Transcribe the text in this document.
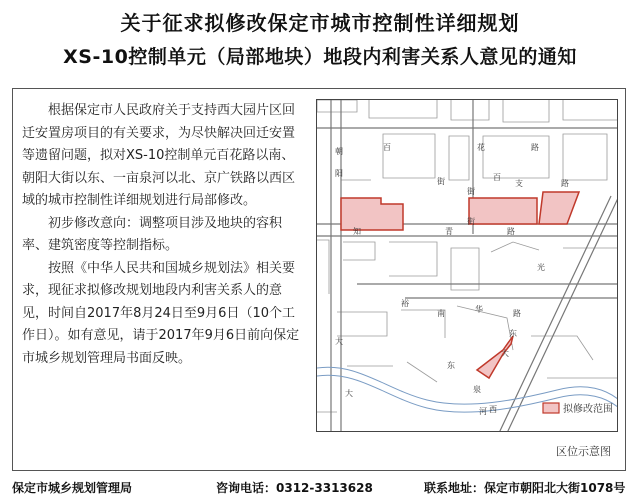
关于征求拟修改保定市城市控制性详细规划
XS-10控制单元（局部地块）地段内利害关系人意见的通知

根据保定市人民政府关于支持西大园片区回迁安置房项目的有关要求，为尽快解决回迁安置等遗留问题，拟对XS-10控制单元百花路以南、朝阳大街以东、一亩泉河以北、京广铁路以西区域的城市控制性详细规划进行局部修改。

初步修改意向：调整项目涉及地块的容积率、建筑密度等控制指标。

按照《中华人民共和国城乡规划法》相关要求，现征求拟修改规划地段内利害关系人的意见，时间自2017年8月24日至9月6日（10个工作日）。如有意见，请于2017年9月6日前向保定市城乡规划管理局书面反映。

百	花	路
朝
阳
大
街	百
支	路
知	青	路
光
裕
华	路
东
大
泉
西
街
东
南
大
街
河	拟修改范围
区位示意图
保定市城乡规划管理局	咨询电话：0312-3313628	联系地址：保定市朝阳北大街1078号
